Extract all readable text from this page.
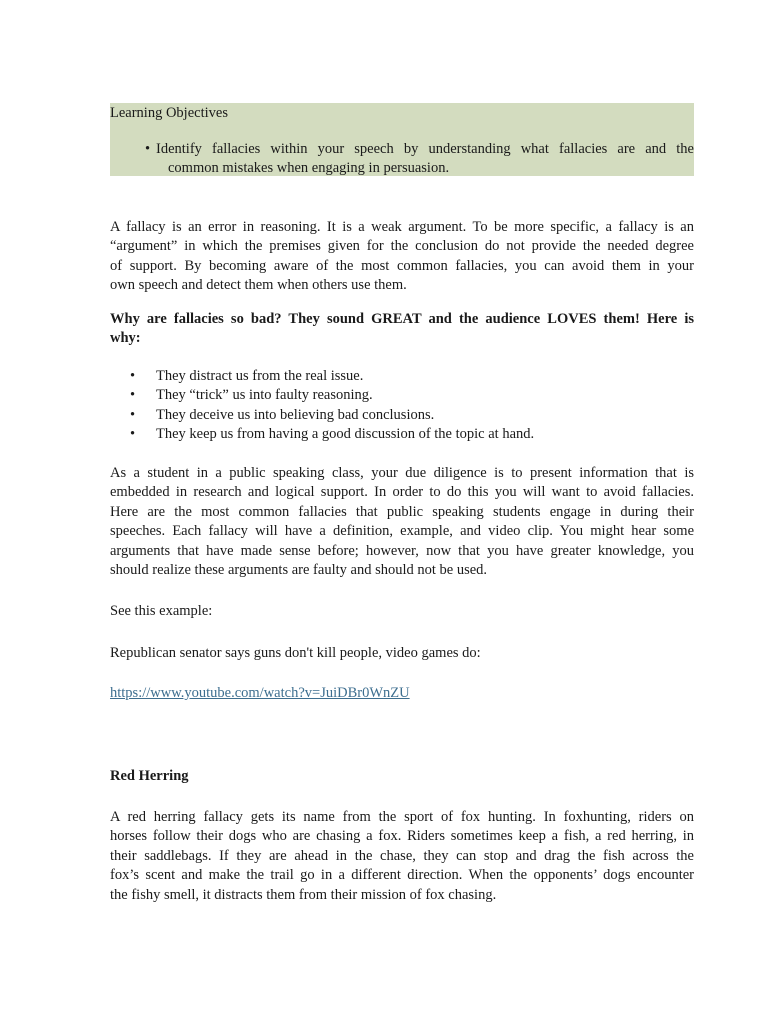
Learning Objectives
• Identify fallacies within your speech by understanding what fallacies are and the
common mistakes when engaging in persuasion.
A fallacy is an error in reasoning. It is a weak argument. To be more specific, a fallacy is an
“argument” in which the premises given for the conclusion do not provide the needed degree
of support. By becoming aware of the most common fallacies, you can avoid them in your
own speech and detect them when others use them.
Why are fallacies so bad? They sound GREAT and the audience LOVES them! Here is
why:
• They distract us from the real issue.
• They “trick” us into faulty reasoning.
• They deceive us into believing bad conclusions.
• They keep us from having a good discussion of the topic at hand.
As a student in a public speaking class, your due diligence is to present information that is
embedded in research and logical support. In order to do this you will want to avoid fallacies.
Here are the most common fallacies that public speaking students engage in during their
speeches. Each fallacy will have a definition, example, and video clip. You might hear some
arguments that have made sense before; however, now that you have greater knowledge, you
should realize these arguments are faulty and should not be used.
See this example:
Republican senator says guns don't kill people, video games do:
https://www.youtube.com/watch?v=JuiDBr0WnZU
Red Herring
A red herring fallacy gets its name from the sport of fox hunting. In foxhunting, riders on
horses follow their dogs who are chasing a fox. Riders sometimes keep a fish, a red herring, in
their saddlebags. If they are ahead in the chase, they can stop and drag the fish across the
fox’s scent and make the trail go in a different direction. When the opponents’ dogs encounter
the fishy smell, it distracts them from their mission of fox chasing.
